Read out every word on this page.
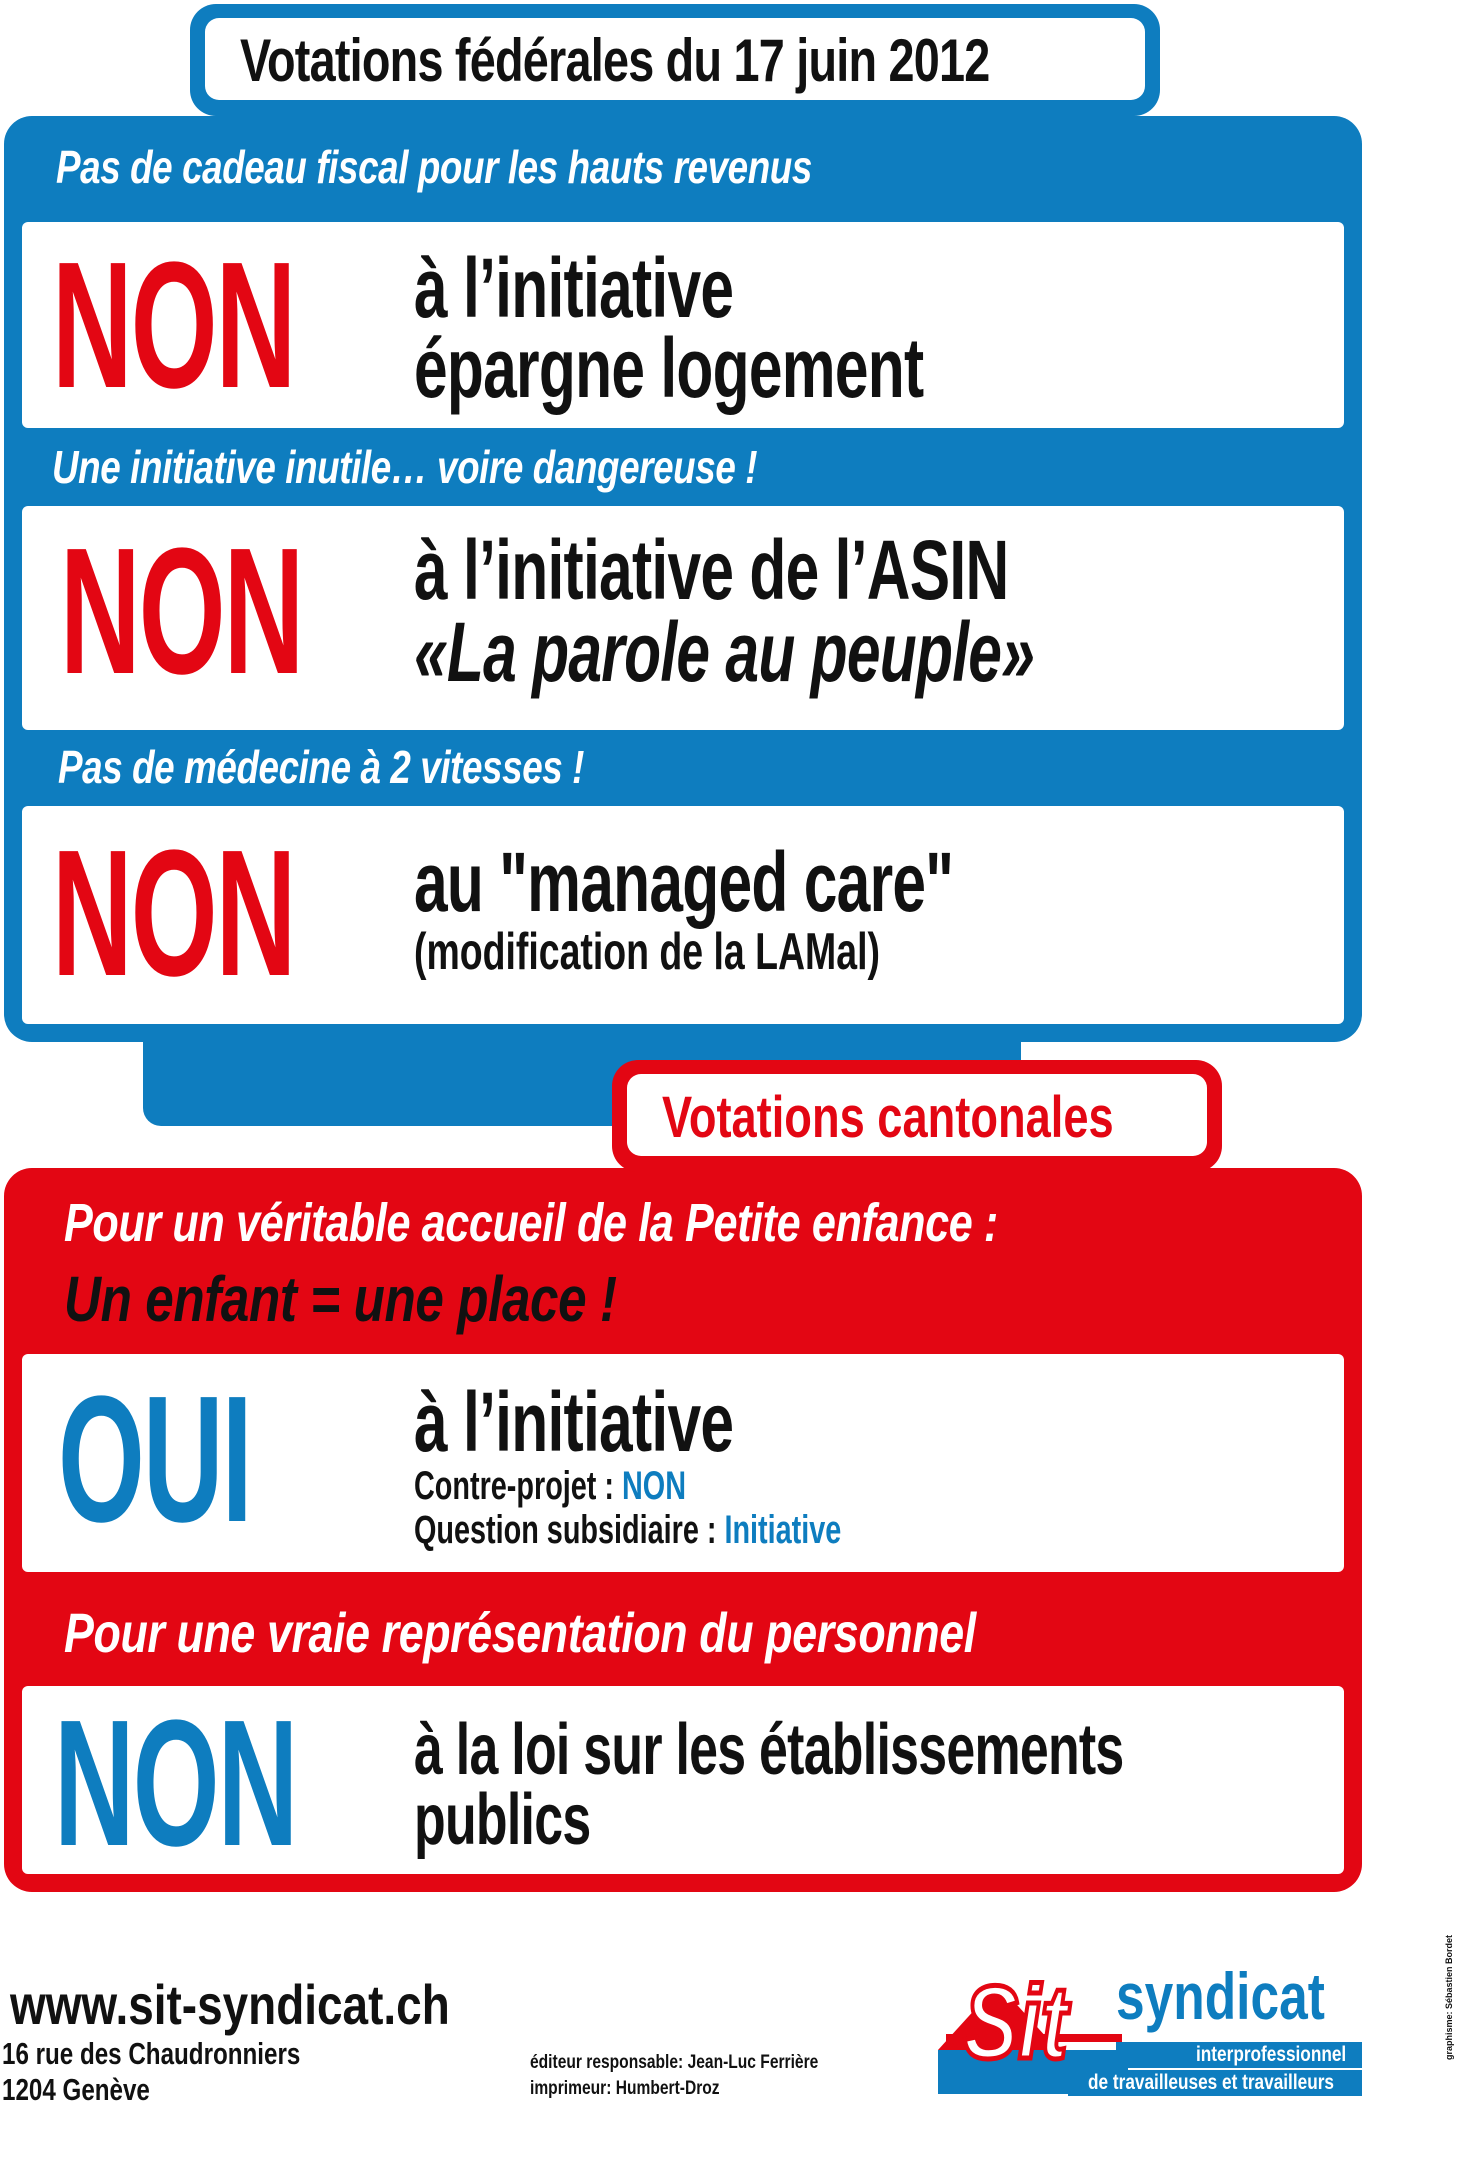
Votations fédérales du 17 juin 2012
Pas de cadeau fiscal pour les hauts revenus
NON à l’initiative
épargne logement
Une initiative inutile… voire dangereuse !
NON à l’initiative de l’ASIN
«La parole au peuple»
Pas de médecine à 2 vitesses !
NON au "managed care"
(modification de la LAMal)
Votations cantonales
Pour un véritable accueil de la Petite enfance :
Un enfant = une place !
OUI à l’initiative
Contre-projet : NON
Question subsidiaire : Initiative
Pour une vraie représentation du personnel
NON à la loi sur les établissements
publics
www.sit-syndicat.ch
16 rue des Chaudronniers
1204 Genève
éditeur responsable: Jean-Luc Ferrière
imprimeur: Humbert-Droz
Sit syndicat
interprofessionnel
de travailleuses et travailleurs
graphisme: Sébastien Bordet
